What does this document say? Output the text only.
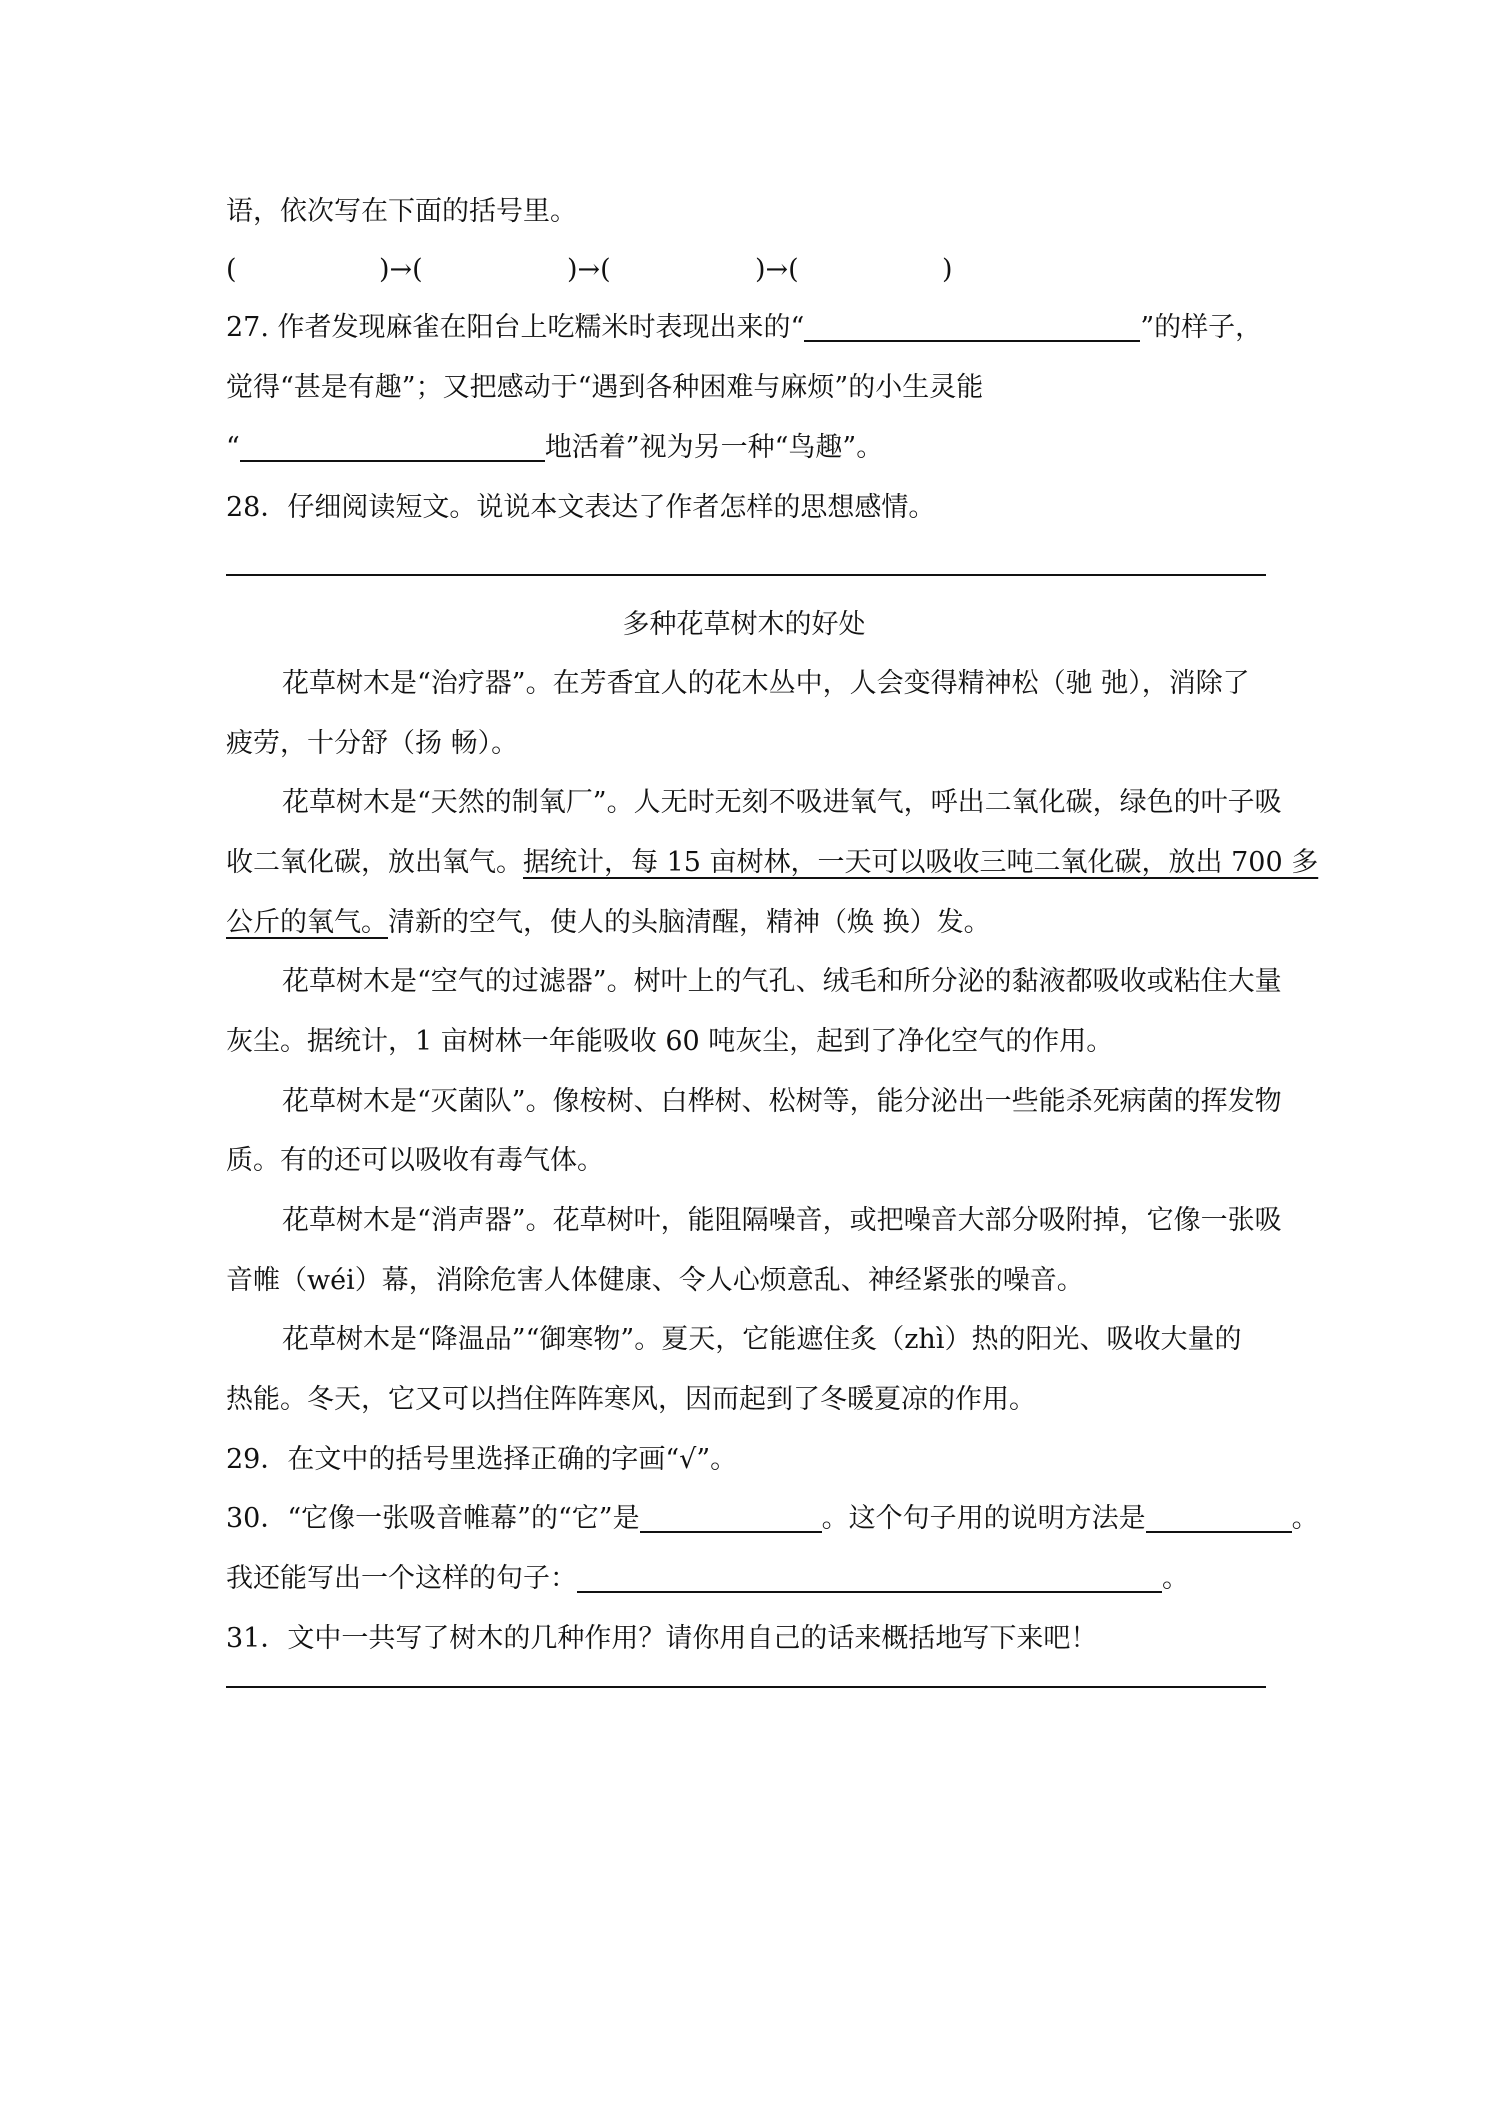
语，依次写在下面的括号里。
(	)→(	)→(	)→(	)
27. 作者发现麻雀在阳台上吃糯米时表现出来的“	”的样子，
觉得“甚是有趣”；又把感动于“遇到各种困难与麻烦”的小生灵能
“	地活着”视为另一种“鸟趣”。
28．仔细阅读短文。说说本文表达了作者怎样的思想感情。
多种花草树木的好处
花草树木是“治疗器”。在芳香宜人的花木丛中，人会变得精神松（驰 弛），消除了
疲劳，十分舒（扬 畅）。
花草树木是“天然的制氧厂”。人无时无刻不吸进氧气，呼出二氧化碳，绿色的叶子吸
收二氧化碳，放出氧气。据统计，每 15 亩树林，一天可以吸收三吨二氧化碳，放出 700 多
公斤的氧气。清新的空气，使人的头脑清醒，精神（焕 换）发。
花草树木是“空气的过滤器”。树叶上的气孔、绒毛和所分泌的黏液都吸收或粘住大量
灰尘。据统计，1 亩树林一年能吸收 60 吨灰尘，起到了净化空气的作用。
花草树木是“灭菌队”。像桉树、白桦树、松树等，能分泌出一些能杀死病菌的挥发物
质。有的还可以吸收有毒气体。
花草树木是“消声器”。花草树叶，能阻隔噪音，或把噪音大部分吸附掉，它像一张吸
音帷（wéi）幕，消除危害人体健康、令人心烦意乱、神经紧张的噪音。
花草树木是“降温品”“御寒物”。夏天，它能遮住炙（zhì）热的阳光、吸收大量的
热能。冬天，它又可以挡住阵阵寒风，因而起到了冬暖夏凉的作用。
29．在文中的括号里选择正确的字画“√”。
30．“它像一张吸音帷幕”的“它”是	。这个句子用的说明方法是	。
我还能写出一个这样的句子：	。
31．文中一共写了树木的几种作用？请你用自己的话来概括地写下来吧！
